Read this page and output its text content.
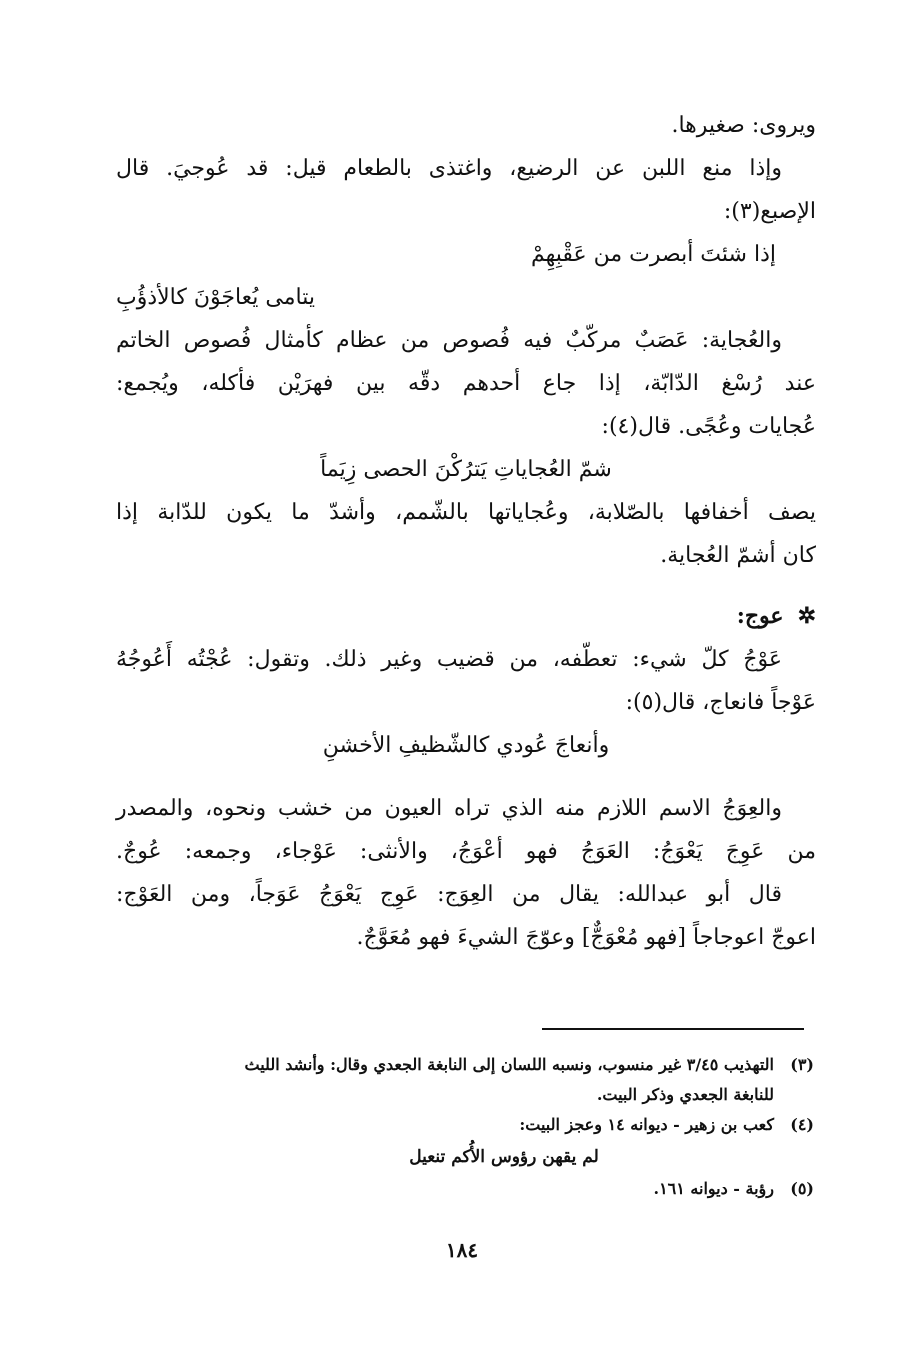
ويروى: صغيرها.
وإذا منع اللبن عن الرضيع، واغتذى بالطعام قيل: قد عُوجيَ. قال
الإصبع(٣):
إذا شئتَ أبصرت من عَقْبِهِمْ
يتامى يُعاجَوْنَ كالأذؤُبِ
والعُجاية: عَصَبٌ مركّبٌ فيه فُصوص من عظام كأمثال فُصوص الخاتم
عند رُسْغ الدّابّة، إذا جاع أحدهم دقّه بين فهرَيْن فأكله، ويُجمع:
عُجايات وعُجًى. قال(٤):
شمّ العُجاياتِ يَترُكْنَ الحصى زِيَماً
يصف أخفافها بالصّلابة، وعُجاياتها بالشّمم، وأشدّ ما يكون للدّابة إذا
كان أشمّ العُجاية.
✲
عوج:
عَوْجُ كلّ شيء: تعطّفه، من قضيب وغير ذلك. وتقول: عُجْتُه أَعُوجُهُ
عَوْجاً فانعاج، قال(٥):
وأنعاجَ عُودي كالشّظيفِ الأخشنِ
والعِوَجُ الاسم اللازم منه الذي تراه العيون من خشب ونحوه، والمصدر
من عَوِجَ يَعْوَجُ: العَوَجُ فهو أعْوَجُ، والأنثى: عَوْجاء، وجمعه: عُوجٌ.
قال أبو عبدالله: يقال من العِوَج: عَوِج يَعْوَجُ عَوَجاً، ومن العَوْج:
اعوجّ اعوجاجاً [فهو مُعْوَجٌّ] وعوّجَ الشيءَ فهو مُعَوَّجٌ.
(٣)
التهذيب ٣/٤٥ غير منسوب، ونسبه اللسان إلى النابغة الجعدي وقال: وأنشد الليث
للنابغة الجعدي وذكر البيت.
(٤)
كعب بن زهير - ديوانه ١٤ وعجز البيت:
لم يقهن رؤوس الأُكم تنعيل
(٥)
رؤبة - ديوانه ١٦١.
١٨٤
